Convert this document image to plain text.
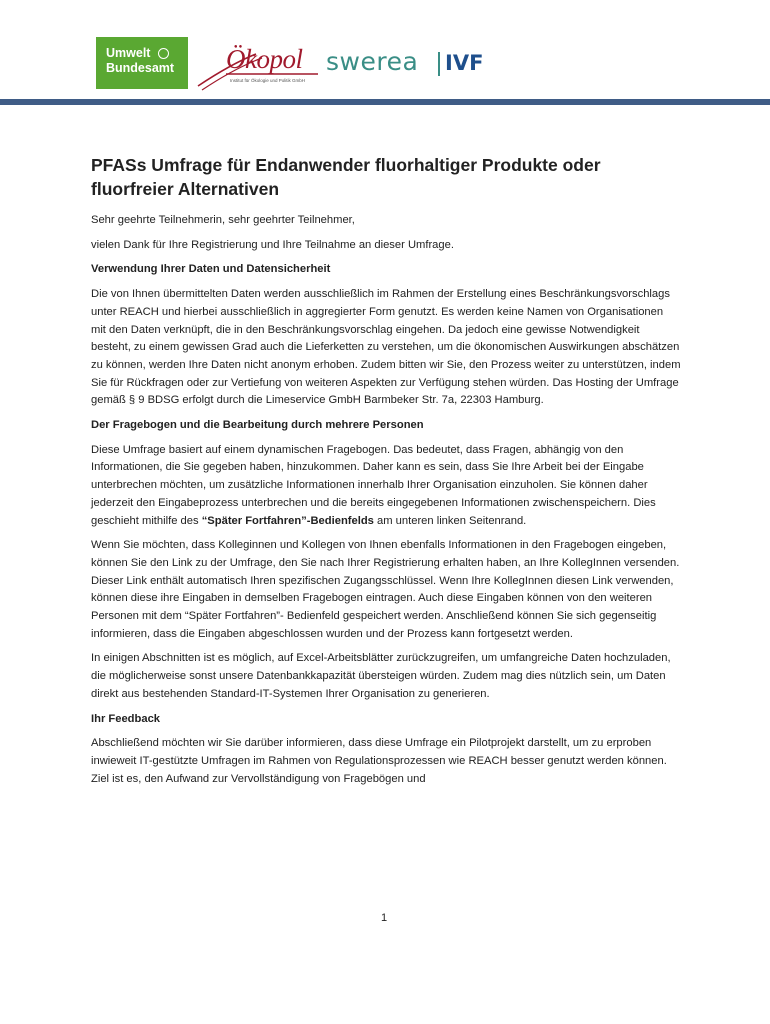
Umwelt
Bundesamt	Ökopol
Institut für Ökologie und Politik GmbH
swerea IVF
PFASs Umfrage für Endanwender fluorhaltiger Produkte oder fluorfreier Alternativen

Sehr geehrte Teilnehmerin, sehr geehrter Teilnehmer,

vielen Dank für Ihre Registrierung und Ihre Teilnahme an dieser Umfrage.

Verwendung Ihrer Daten und Datensicherheit

Die von Ihnen übermittelten Daten werden ausschließlich im Rahmen der Erstellung eines Beschränkungsvorschlags unter REACH und hierbei ausschließlich in aggregierter Form genutzt. Es werden keine Namen von Organisationen mit den Daten verknüpft, die in den Beschränkungsvorschlag eingehen. Da jedoch eine gewisse Notwendigkeit besteht, zu einem gewissen Grad auch die Lieferketten zu verstehen, um die ökonomischen Auswirkungen abschätzen zu können, werden Ihre Daten nicht anonym erhoben. Zudem bitten wir Sie, den Prozess weiter zu unterstützen, indem Sie für Rückfragen oder zur Vertiefung von weiteren Aspekten zur Verfügung stehen würden. Das Hosting der Umfrage gemäß § 9 BDSG erfolgt durch die Limeservice GmbH Barmbeker Str. 7a, 22303 Hamburg.

Der Fragebogen und die Bearbeitung durch mehrere Personen

Diese Umfrage basiert auf einem dynamischen Fragebogen. Das bedeutet, dass Fragen, abhängig von den Informationen, die Sie gegeben haben, hinzukommen. Daher kann es sein, dass Sie Ihre Arbeit bei der Eingabe unterbrechen möchten, um zusätzliche Informationen innerhalb Ihrer Organisation einzuholen. Sie können daher jederzeit den Eingabeprozess unterbrechen und die bereits eingegebenen Informationen zwischenspeichern. Dies geschieht mithilfe des “Später Fortfahren”-Bedienfelds am unteren linken Seitenrand.

Wenn Sie möchten, dass Kolleginnen und Kollegen von Ihnen ebenfalls Informationen in den Fragebogen eingeben, können Sie den Link zu der Umfrage, den Sie nach Ihrer Registrierung erhalten haben, an Ihre KollegInnen versenden. Dieser Link enthält automatisch Ihren spezifischen Zugangsschlüssel. Wenn Ihre KollegInnen diesen Link verwenden, können diese ihre Eingaben in demselben Fragebogen eintragen. Auch diese Eingaben können von den weiteren Personen mit dem “Später Fortfahren”- Bedienfeld gespeichert werden. Anschließend können Sie sich gegenseitig informieren, dass die Eingaben abgeschlossen wurden und der Prozess kann fortgesetzt werden.

In einigen Abschnitten ist es möglich, auf Excel-Arbeitsblätter zurückzugreifen, um umfangreiche Daten hochzuladen, die möglicherweise sonst unsere Datenbankkapazität übersteigen würden. Zudem mag dies nützlich sein, um Daten direkt aus bestehenden Standard-IT-Systemen Ihrer Organisation zu generieren.

Ihr Feedback

Abschließend möchten wir Sie darüber informieren, dass diese Umfrage ein Pilotprojekt darstellt, um zu erproben inwieweit IT-gestützte Umfragen im Rahmen von Regulationsprozessen wie REACH besser genutzt werden können. Ziel ist es, den Aufwand zur Vervollständigung von Fragebögen und

1
